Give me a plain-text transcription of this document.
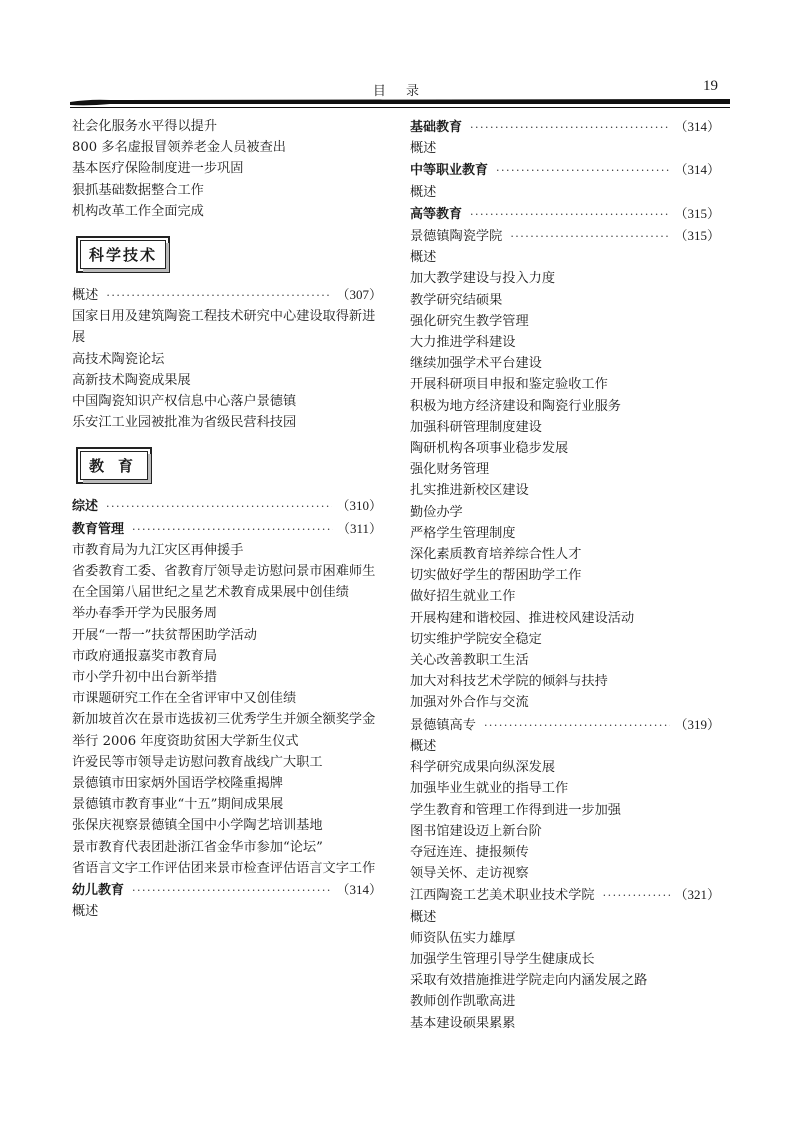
目 录	19
社会化服务水平得以提升
800 多名虚报冒领养老金人员被查出
基本医疗保险制度进一步巩固
狠抓基础数据整合工作
机构改革工作全面完成
科学技术
概述 ·····	（307）
国家日用及建筑陶瓷工程技术研究中心建设取得新进展
高技术陶瓷论坛
高新技术陶瓷成果展
中国陶瓷知识产权信息中心落户景德镇
乐安江工业园被批准为省级民营科技园
教育
综述 ·····	（310）
教育管理 ·····	（311）
市教育局为九江灾区再伸援手
省委教育工委、省教育厅领导走访慰问景市困难师生
在全国第八届世纪之星艺术教育成果展中创佳绩
举办春季开学为民服务周
开展“一帮一”扶贫帮困助学活动
市政府通报嘉奖市教育局
市小学升初中出台新举措
市课题研究工作在全省评审中又创佳绩
新加坡首次在景市选拔初三优秀学生并颁全额奖学金
举行 2006 年度资助贫困大学新生仪式
许爱民等市领导走访慰问教育战线广大职工
景德镇市田家炳外国语学校隆重揭牌
景德镇市教育事业“十五”期间成果展
张保庆视察景德镇全国中小学陶艺培训基地
景市教育代表团赴浙江省金华市参加“论坛”
省语言文字工作评估团来景市检查评估语言文字工作
幼儿教育 ·····	（314）
概述
基础教育 ·····	（314）
概述
中等职业教育 ·····	（314）
概述
高等教育 ·····	（315）
景德镇陶瓷学院 ·····	（315）
概述
加大教学建设与投入力度
教学研究结硕果
强化研究生教学管理
大力推进学科建设
继续加强学术平台建设
开展科研项目申报和鉴定验收工作
积极为地方经济建设和陶瓷行业服务
加强科研管理制度建设
陶研机构各项事业稳步发展
强化财务管理
扎实推进新校区建设
勤俭办学
严格学生管理制度
深化素质教育培养综合性人才
切实做好学生的帮困助学工作
做好招生就业工作
开展构建和谐校园、推进校风建设活动
切实维护学院安全稳定
关心改善教职工生活
加大对科技艺术学院的倾斜与扶持
加强对外合作与交流
景德镇高专 ·····	（319）
概述
科学研究成果向纵深发展
加强毕业生就业的指导工作
学生教育和管理工作得到进一步加强
图书馆建设迈上新台阶
夺冠连连、捷报频传
领导关怀、走访视察
江西陶瓷工艺美术职业技术学院 ·····	（321）
概述
师资队伍实力雄厚
加强学生管理引导学生健康成长
采取有效措施推进学院走向内涵发展之路
教师创作凯歌高进
基本建设硕果累累
